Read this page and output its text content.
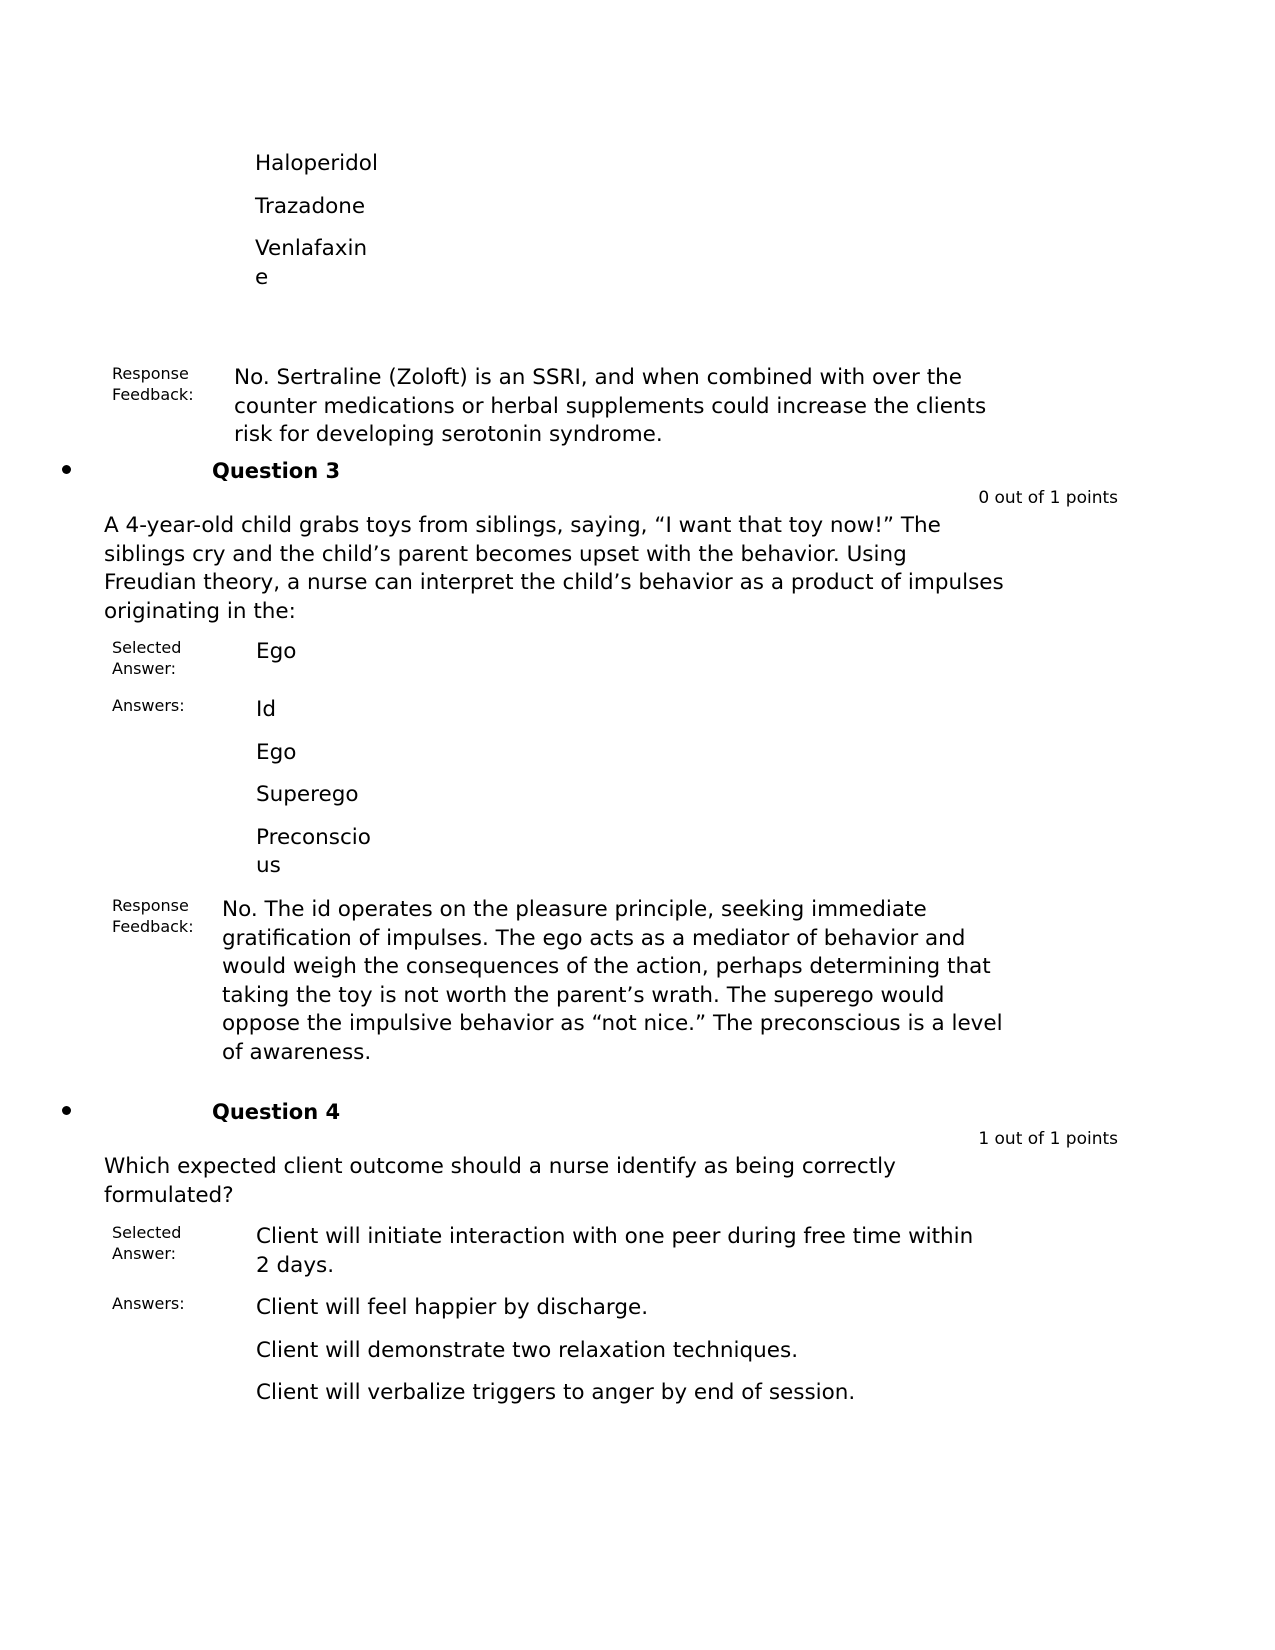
Haloperidol
Trazadone
Venlafaxine
Response Feedback:
No. Sertraline (Zoloft) is an SSRI, and when combined with over the counter medications or herbal supplements could increase the clients risk for developing serotonin syndrome.
Question 3
0 out of 1 points
A 4-year-old child grabs toys from siblings, saying, “I want that toy now!” The siblings cry and the child’s parent becomes upset with the behavior. Using Freudian theory, a nurse can interpret the child’s behavior as a product of impulses originating in the:
Selected Answer:
Ego
Answers:	Id
Ego
Superego
Preconscious
Response Feedback:
No. The id operates on the pleasure principle, seeking immediate gratification of impulses. The ego acts as a mediator of behavior and would weigh the consequences of the action, perhaps determining that taking the toy is not worth the parent’s wrath. The superego would oppose the impulsive behavior as “not nice.” The preconscious is a level of awareness.
Question 4
1 out of 1 points
Which expected client outcome should a nurse identify as being correctly formulated?
Selected Answer:
Client will initiate interaction with one peer during free time within 2 days.
Answers:	Client will feel happier by discharge.
Client will demonstrate two relaxation techniques.
Client will verbalize triggers to anger by end of session.
